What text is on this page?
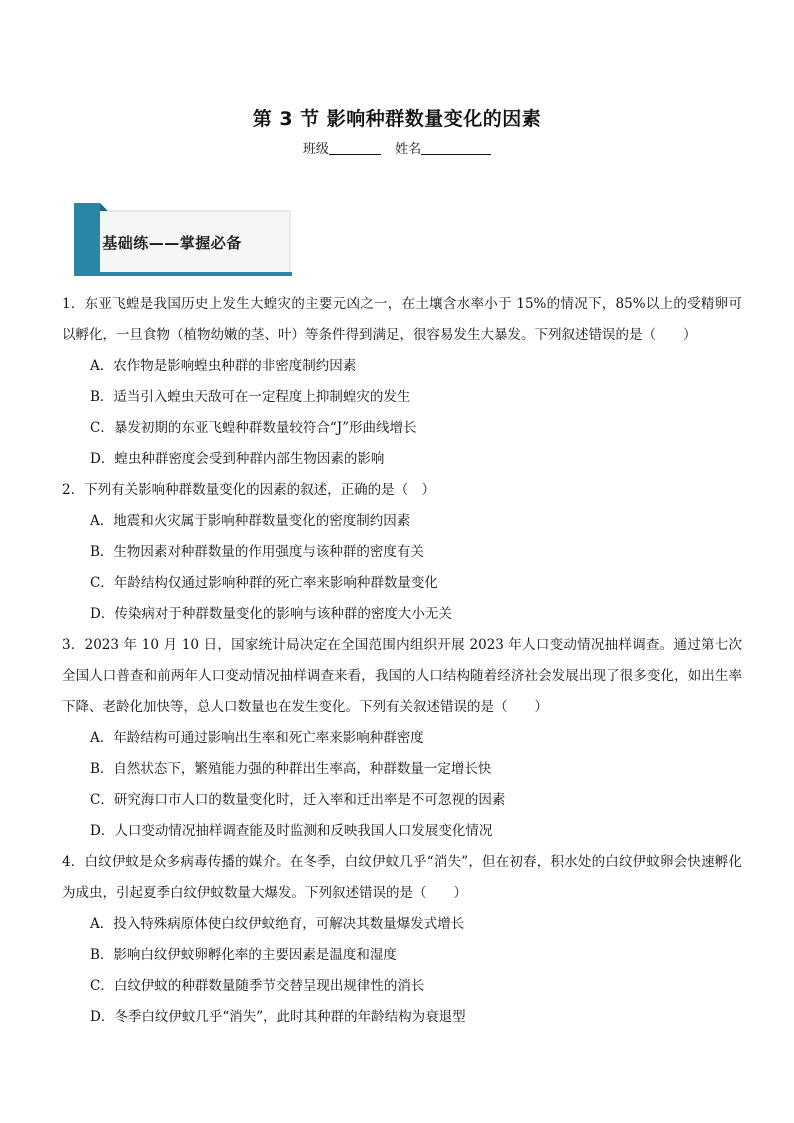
第 3 节 影响种群数量变化的因素
班级	姓名
基础练——掌握必备
1．东亚飞蝗是我国历史上发生大蝗灾的主要元凶之一，在土壤含水率小于 15%的情况下，85%以上的受精卵可以孵化，一旦食物（植物幼嫩的茎、叶）等条件得到满足，很容易发生大暴发。下列叙述错误的是（　　）
A．农作物是影响蝗虫种群的非密度制约因素
B．适当引入蝗虫天敌可在一定程度上抑制蝗灾的发生
C．暴发初期的东亚飞蝗种群数量较符合“J”形曲线增长
D．蝗虫种群密度会受到种群内部生物因素的影响
2．下列有关影响种群数量变化的因素的叙述，正确的是（　）
A．地震和火灾属于影响种群数量变化的密度制约因素
B．生物因素对种群数量的作用强度与该种群的密度有关
C．年龄结构仅通过影响种群的死亡率来影响种群数量变化
D．传染病对于种群数量变化的影响与该种群的密度大小无关
3．2023 年 10 月 10 日，国家统计局决定在全国范围内组织开展 2023 年人口变动情况抽样调查。通过第七次全国人口普查和前两年人口变动情况抽样调查来看，我国的人口结构随着经济社会发展出现了很多变化，如出生率下降、老龄化加快等，总人口数量也在发生变化。下列有关叙述错误的是（　　）
A．年龄结构可通过影响出生率和死亡率来影响种群密度
B．自然状态下，繁殖能力强的种群出生率高，种群数量一定增长快
C．研究海口市人口的数量变化时，迁入率和迁出率是不可忽视的因素
D．人口变动情况抽样调查能及时监测和反映我国人口发展变化情况
4．白纹伊蚊是众多病毒传播的媒介。在冬季，白纹伊蚊几乎“消失”，但在初春，积水处的白纹伊蚊卵会快速孵化为成虫，引起夏季白纹伊蚊数量大爆发。下列叙述错误的是（　　）
A．投入特殊病原体使白纹伊蚊绝育，可解决其数量爆发式增长
B．影响白纹伊蚊卵孵化率的主要因素是温度和湿度
C．白纹伊蚊的种群数量随季节交替呈现出规律性的消长
D．冬季白纹伊蚊几乎“消失”，此时其种群的年龄结构为衰退型
